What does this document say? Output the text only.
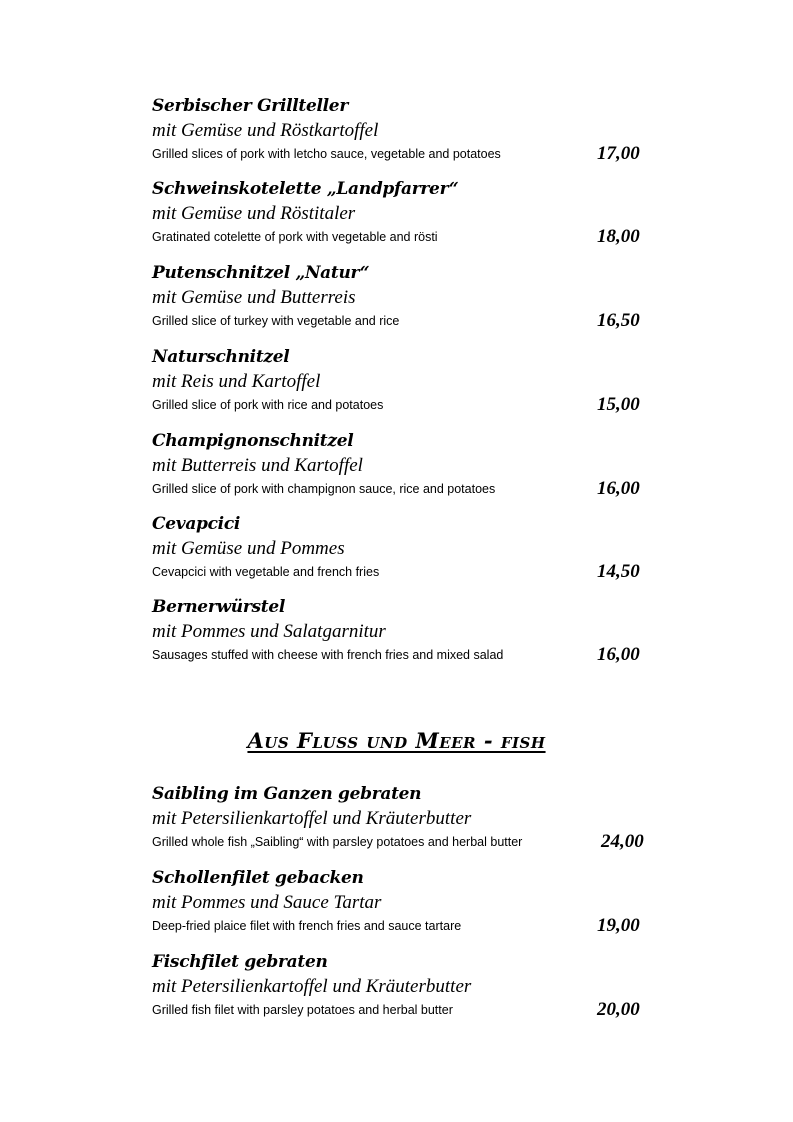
Serbischer Grillteller
mit Gemüse und Röstkartoffel
Grilled slices of pork with letcho sauce, vegetable and potatoes	17,00
Schweinskotelette „Landpfarrer“
mit Gemüse und Röstitaler
Gratinated cotelette of pork with vegetable and rösti	18,00
Putenschnitzel „Natur“
mit Gemüse und Butterreis
Grilled slice of turkey with vegetable and rice	16,50
Naturschnitzel
mit Reis und Kartoffel
Grilled slice of pork with rice and potatoes	15,00
Champignonschnitzel
mit Butterreis und Kartoffel
Grilled slice of pork with champignon sauce, rice and potatoes	16,00
Cevapcici
mit Gemüse und Pommes
Cevapcici with vegetable and french fries	14,50
Bernerwürstel
mit Pommes und Salatgarnitur
Sausages stuffed with cheese with french fries and mixed salad	16,00
Aus Fluss und Meer - fish
Saibling im Ganzen gebraten
mit Petersilienkartoffel und Kräuterbutter
Grilled whole fish „Saibling“ with parsley potatoes and herbal butter	24,00
Schollenfilet gebacken
mit Pommes und Sauce Tartar
Deep-fried plaice filet with french fries and sauce tartare	19,00
Fischfilet gebraten
mit Petersilienkartoffel und Kräuterbutter
Grilled fish filet with parsley potatoes and herbal butter	20,00
